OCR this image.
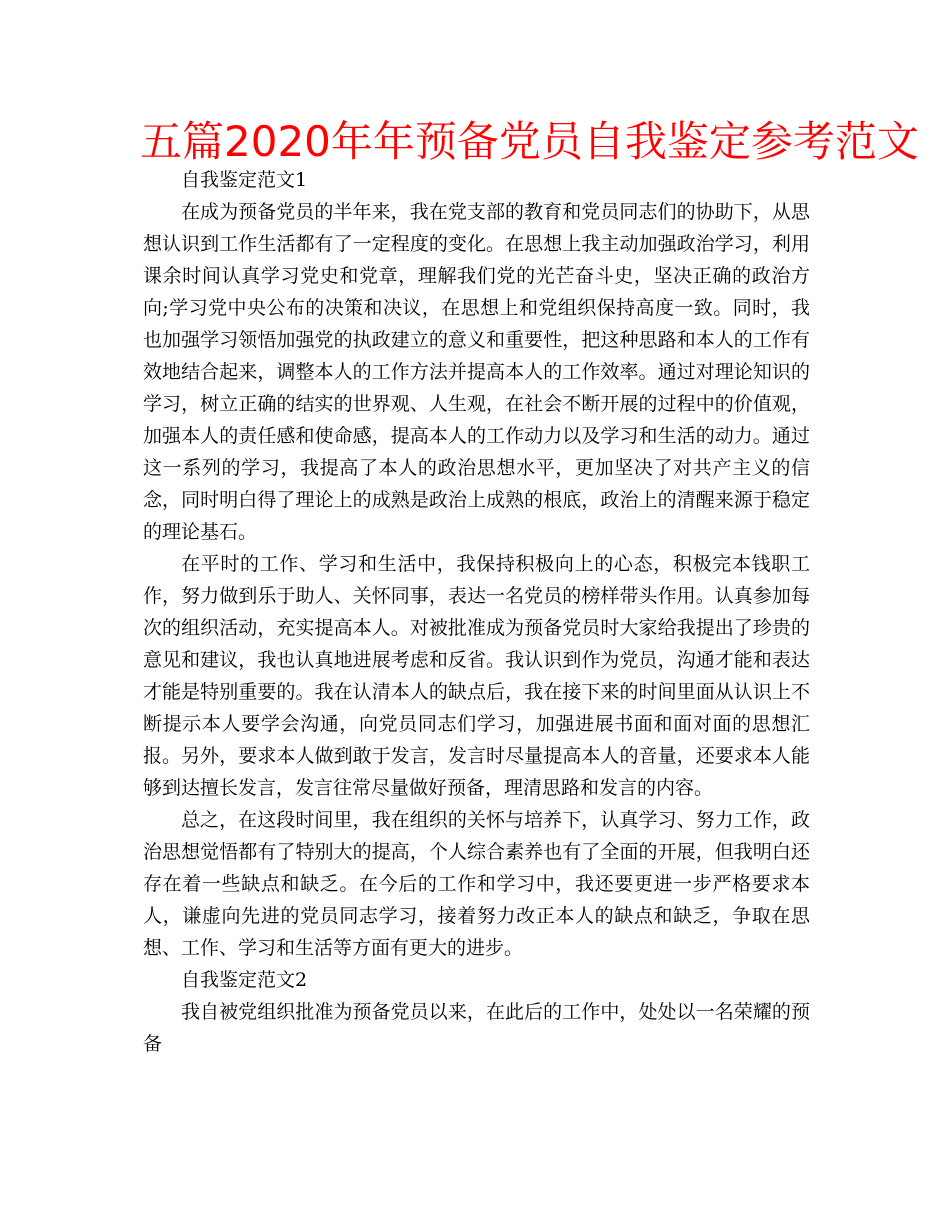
五篇2020年年预备党员自我鉴定参考范文

自我鉴定范文1

在成为预备党员的半年来，我在党支部的教育和党员同志们的协助下，从思想认识到工作生活都有了一定程度的变化。在思想上我主动加强政治学习，利用课余时间认真学习党史和党章，理解我们党的光芒奋斗史，坚决正确的政治方向;学习党中央公布的决策和决议，在思想上和党组织保持高度一致。同时，我也加强学习领悟加强党的执政建立的意义和重要性，把这种思路和本人的工作有效地结合起来，调整本人的工作方法并提高本人的工作效率。通过对理论知识的学习，树立正确的结实的世界观、人生观，在社会不断开展的过程中的价值观，加强本人的责任感和使命感，提高本人的工作动力以及学习和生活的动力。通过这一系列的学习，我提高了本人的政治思想水平，更加坚决了对共产主义的信念，同时明白得了理论上的成熟是政治上成熟的根底，政治上的清醒来源于稳定的理论基石。

在平时的工作、学习和生活中，我保持积极向上的心态，积极完本钱职工作，努力做到乐于助人、关怀同事，表达一名党员的榜样带头作用。认真参加每次的组织活动，充实提高本人。对被批准成为预备党员时大家给我提出了珍贵的意见和建议，我也认真地进展考虑和反省。我认识到作为党员，沟通才能和表达才能是特别重要的。我在认清本人的缺点后，我在接下来的时间里面从认识上不断提示本人要学会沟通，向党员同志们学习，加强进展书面和面对面的思想汇报。另外，要求本人做到敢于发言，发言时尽量提高本人的音量，还要求本人能够到达擅长发言，发言往常尽量做好预备，理清思路和发言的内容。

总之，在这段时间里，我在组织的关怀与培养下，认真学习、努力工作，政治思想觉悟都有了特别大的提高，个人综合素养也有了全面的开展，但我明白还存在着一些缺点和缺乏。在今后的工作和学习中，我还要更进一步严格要求本人，谦虚向先进的党员同志学习，接着努力改正本人的缺点和缺乏，争取在思想、工作、学习和生活等方面有更大的进步。

自我鉴定范文2

我自被党组织批准为预备党员以来，在此后的工作中，处处以一名荣耀的预备
